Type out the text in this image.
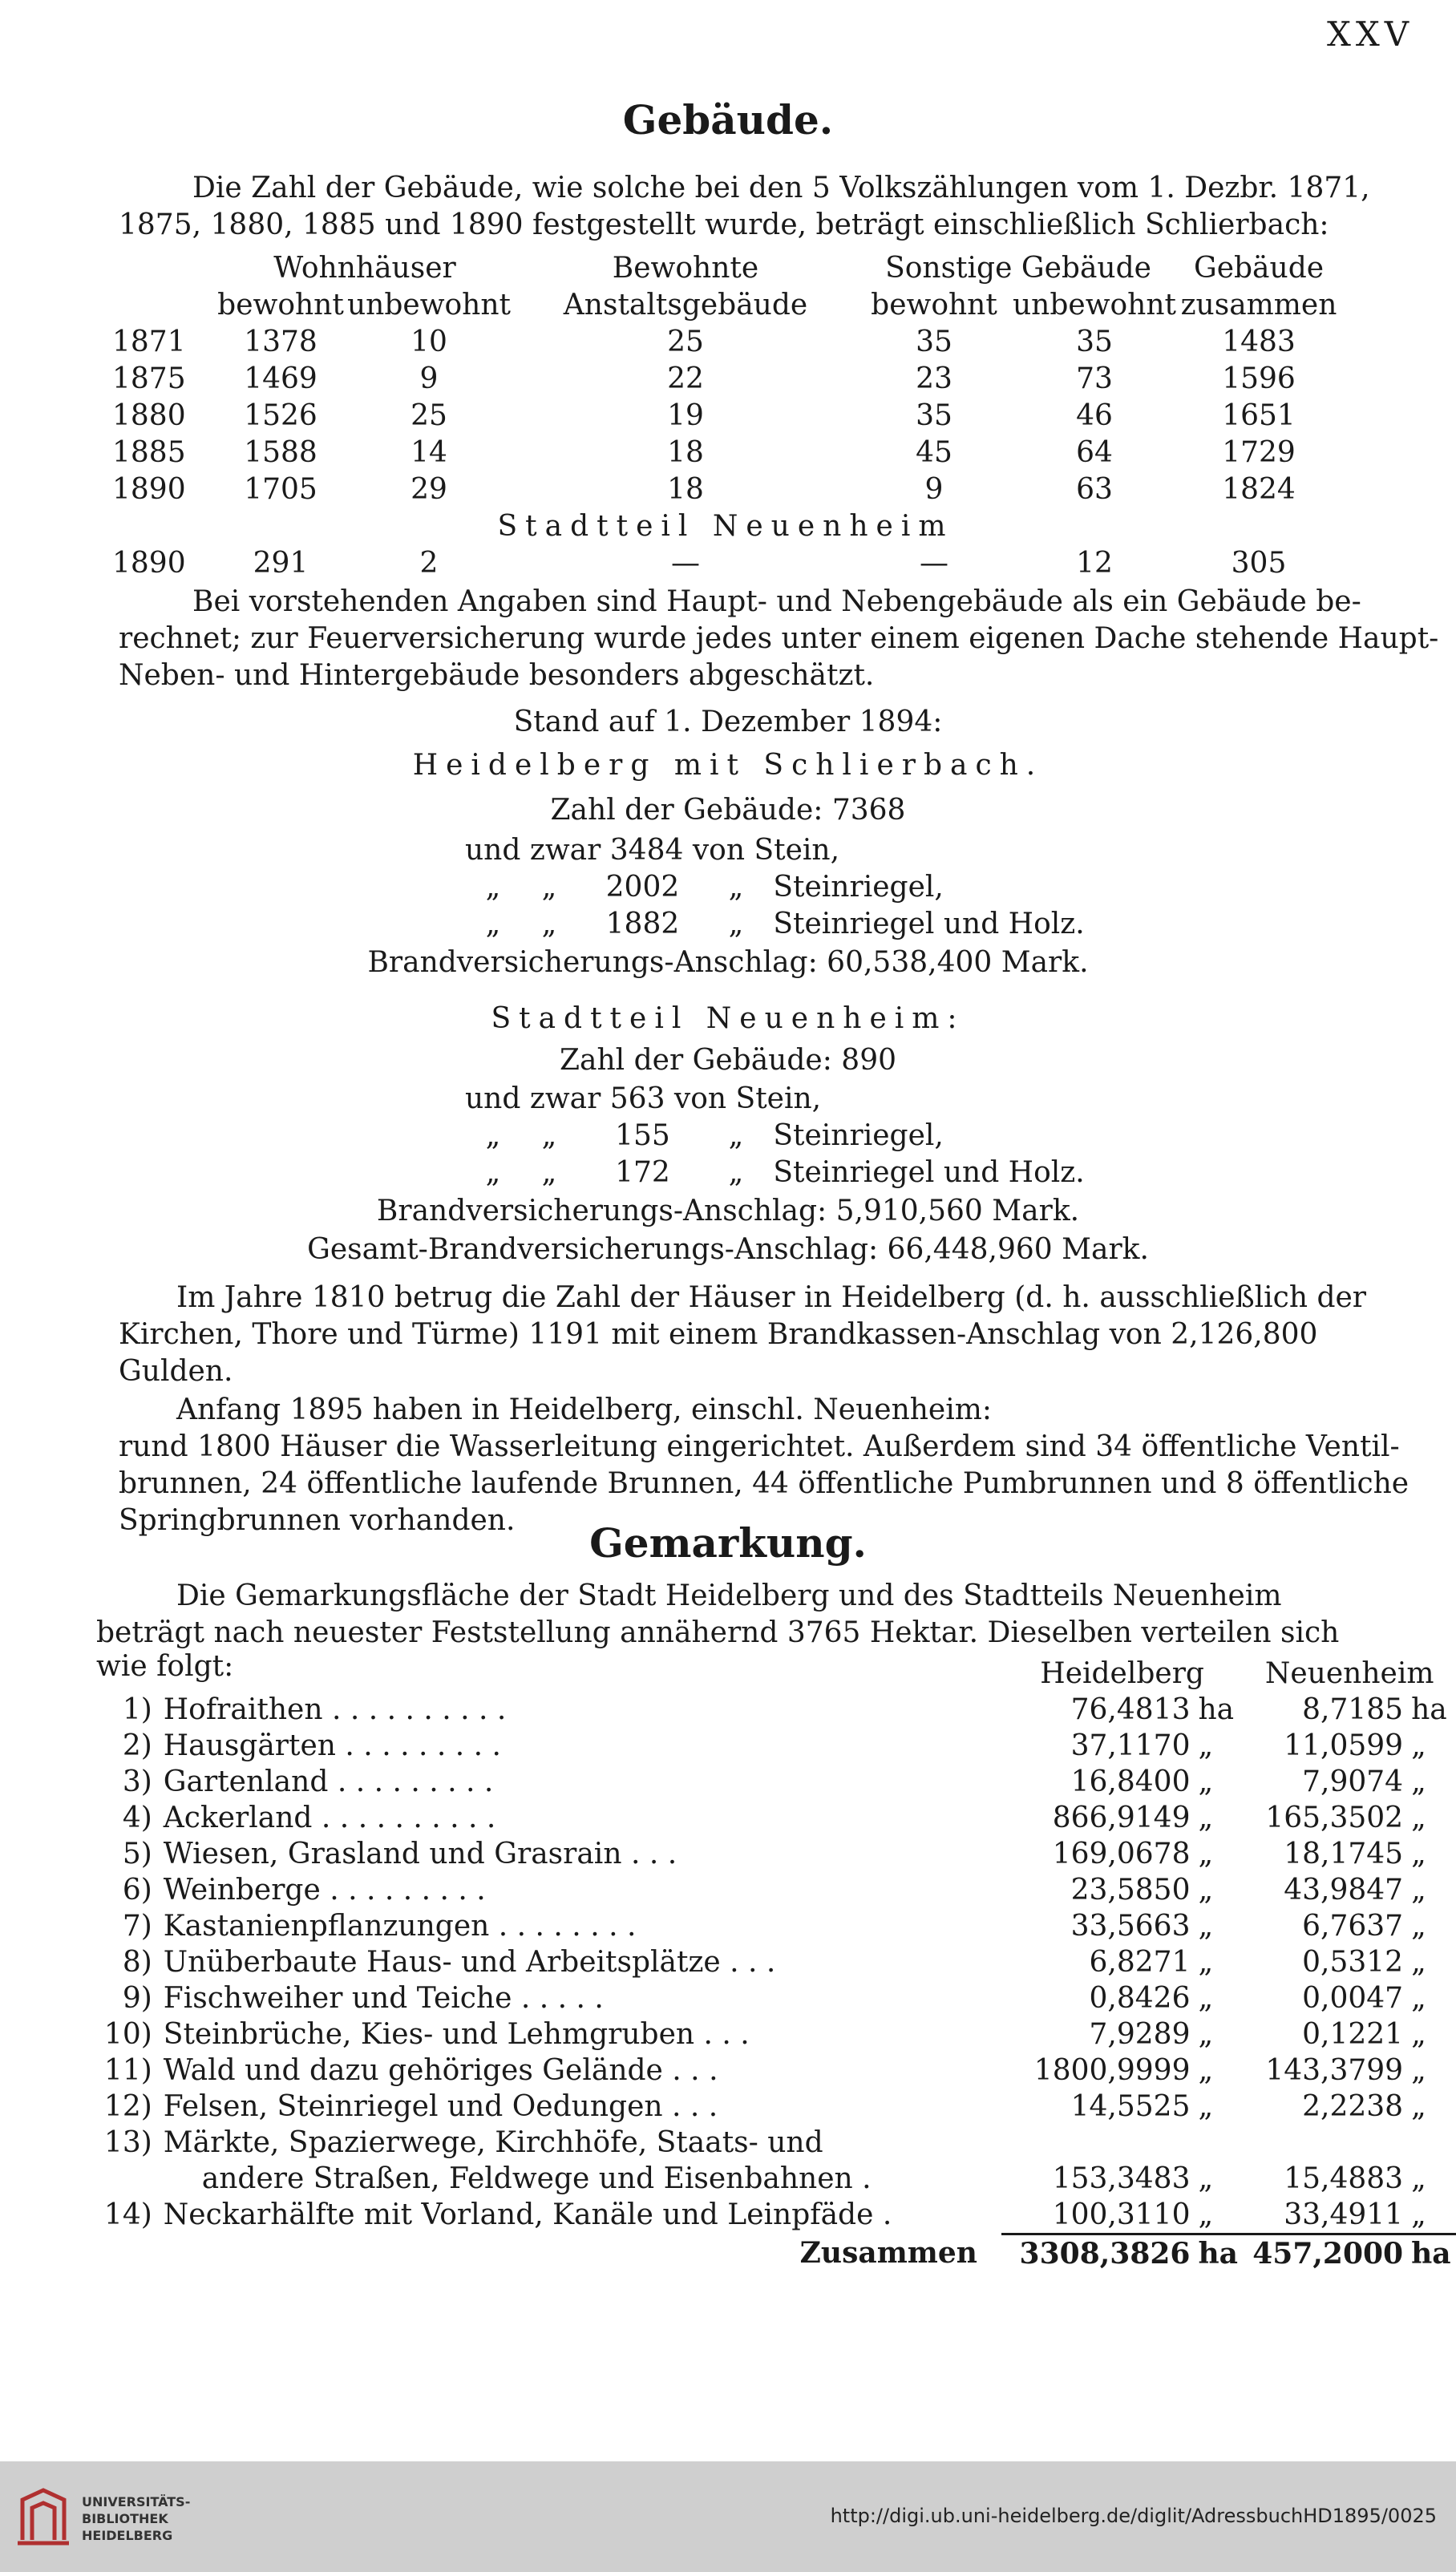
XXV
Gebäude.
Die Zahl der Gebäude, wie solche bei den 5 Volkszählungen vom 1. Dezbr. 1871,
1875, 1880, 1885 und 1890 festgestellt wurde, beträgt einschließlich Schlierbach:
	Wohnhäuser		Bewohnte	Sonstige Gebäude		Gebäude
	bewohnt	unbewohnt	Anstaltsgebäude	bewohnt	unbewohnt	zusammen
1871	1378	10	25	35	35	1483
1875	1469	9	22	23	73	1596
1880	1526	25	19	35	46	1651
1885	1588	14	18	45	64	1729
1890	1705	29	18	9	63	1824
Stadtteil Neuenheim						
1890	291	2	—	—	12	305
Bei vorstehenden Angaben sind Haupt- und Nebengebäude als ein Gebäude be-
rechnet; zur Feuerversicherung wurde jedes unter einem eigenen Dache stehende Haupt-
Neben- und Hintergebäude besonders abgeschätzt.
Stand auf 1. Dezember 1894:
Heidelberg mit Schlierbach.
Zahl der Gebäude: 7368
und zwar 3484 von Stein,
„ „ 2002 „ Steinriegel,
„ „ 1882 „ Steinriegel und Holz.
Brandversicherungs-Anschlag: 60,538,400 Mark.
Stadtteil Neuenheim:
Zahl der Gebäude: 890
und zwar 563 von Stein,
„ „ 155 „ Steinriegel,
„ „ 172 „ Steinriegel und Holz.
Brandversicherungs-Anschlag: 5,910,560 Mark.
Gesamt-Brandversicherungs-Anschlag: 66,448,960 Mark.
Im Jahre 1810 betrug die Zahl der Häuser in Heidelberg (d. h. ausschließlich der
Kirchen, Thore und Türme) 1191 mit einem Brandkassen-Anschlag von 2,126,800
Gulden.
Anfang 1895 haben in Heidelberg, einschl. Neuenheim:
rund 1800 Häuser die Wasserleitung eingerichtet. Außerdem sind 34 öffentliche Ventil-
brunnen, 24 öffentliche laufende Brunnen, 44 öffentliche Pumbrunnen und 8 öffentliche
Springbrunnen vorhanden.	Gemarkung.
Die Gemarkungsfläche der Stadt Heidelberg und des Stadtteils Neuenheim
beträgt nach neuester Feststellung annähernd 3765 Hektar. Dieselben verteilen sich
wie folgt:
			Heidelberg		Neuenheim	
1)	Hofraithen . . . . . . . . . .	76,4813	ha	8,7185	ha
2)	Hausgärten . . . . . . . . .	37,1170	„	11,0599	„
3)	Gartenland . . . . . . . . .	16,8400	„	7,9074	„
4)	Ackerland . . . . . . . . . .	866,9149	„	165,3502	„
5)	Wiesen, Grasland und Grasrain . . .	169,0678	„	18,1745	„
6)	Weinberge . . . . . . . . .	23,5850	„	43,9847	„
7)	Kastanienpflanzungen . . . . . . . .	33,5663	„	6,7637	„
8)	Unüberbaute Haus- und Arbeitsplätze . . .	6,8271	„	0,5312	„
9)	Fischweiher und Teiche . . . . .	0,8426	„	0,0047	„
10)	Steinbrüche, Kies- und Lehmgruben . . .	7,9289	„	0,1221	„
11)	Wald und dazu gehöriges Gelände . . .	1800,9999	„	143,3799	„
12)	Felsen, Steinriegel und Oedungen . . .	14,5525	„	2,2238	„
13)	Märkte, Spazierwege, Kirchhöfe, Staats- und				
	andere Straßen, Feldwege und Eisenbahnen .	153,3483	„	15,4883	„
14)	Neckarhälfte mit Vorland, Kanäle und Leinpfäde .	100,3110	„	33,4911	„
	Zusammen	3308,3826	ha	457,2000	ha
UNIVERSITÄTS-
BIBLIOTHEK
HEIDELBERG
http://digi.ub.uni-heidelberg.de/diglit/AdressbuchHD1895/0025
